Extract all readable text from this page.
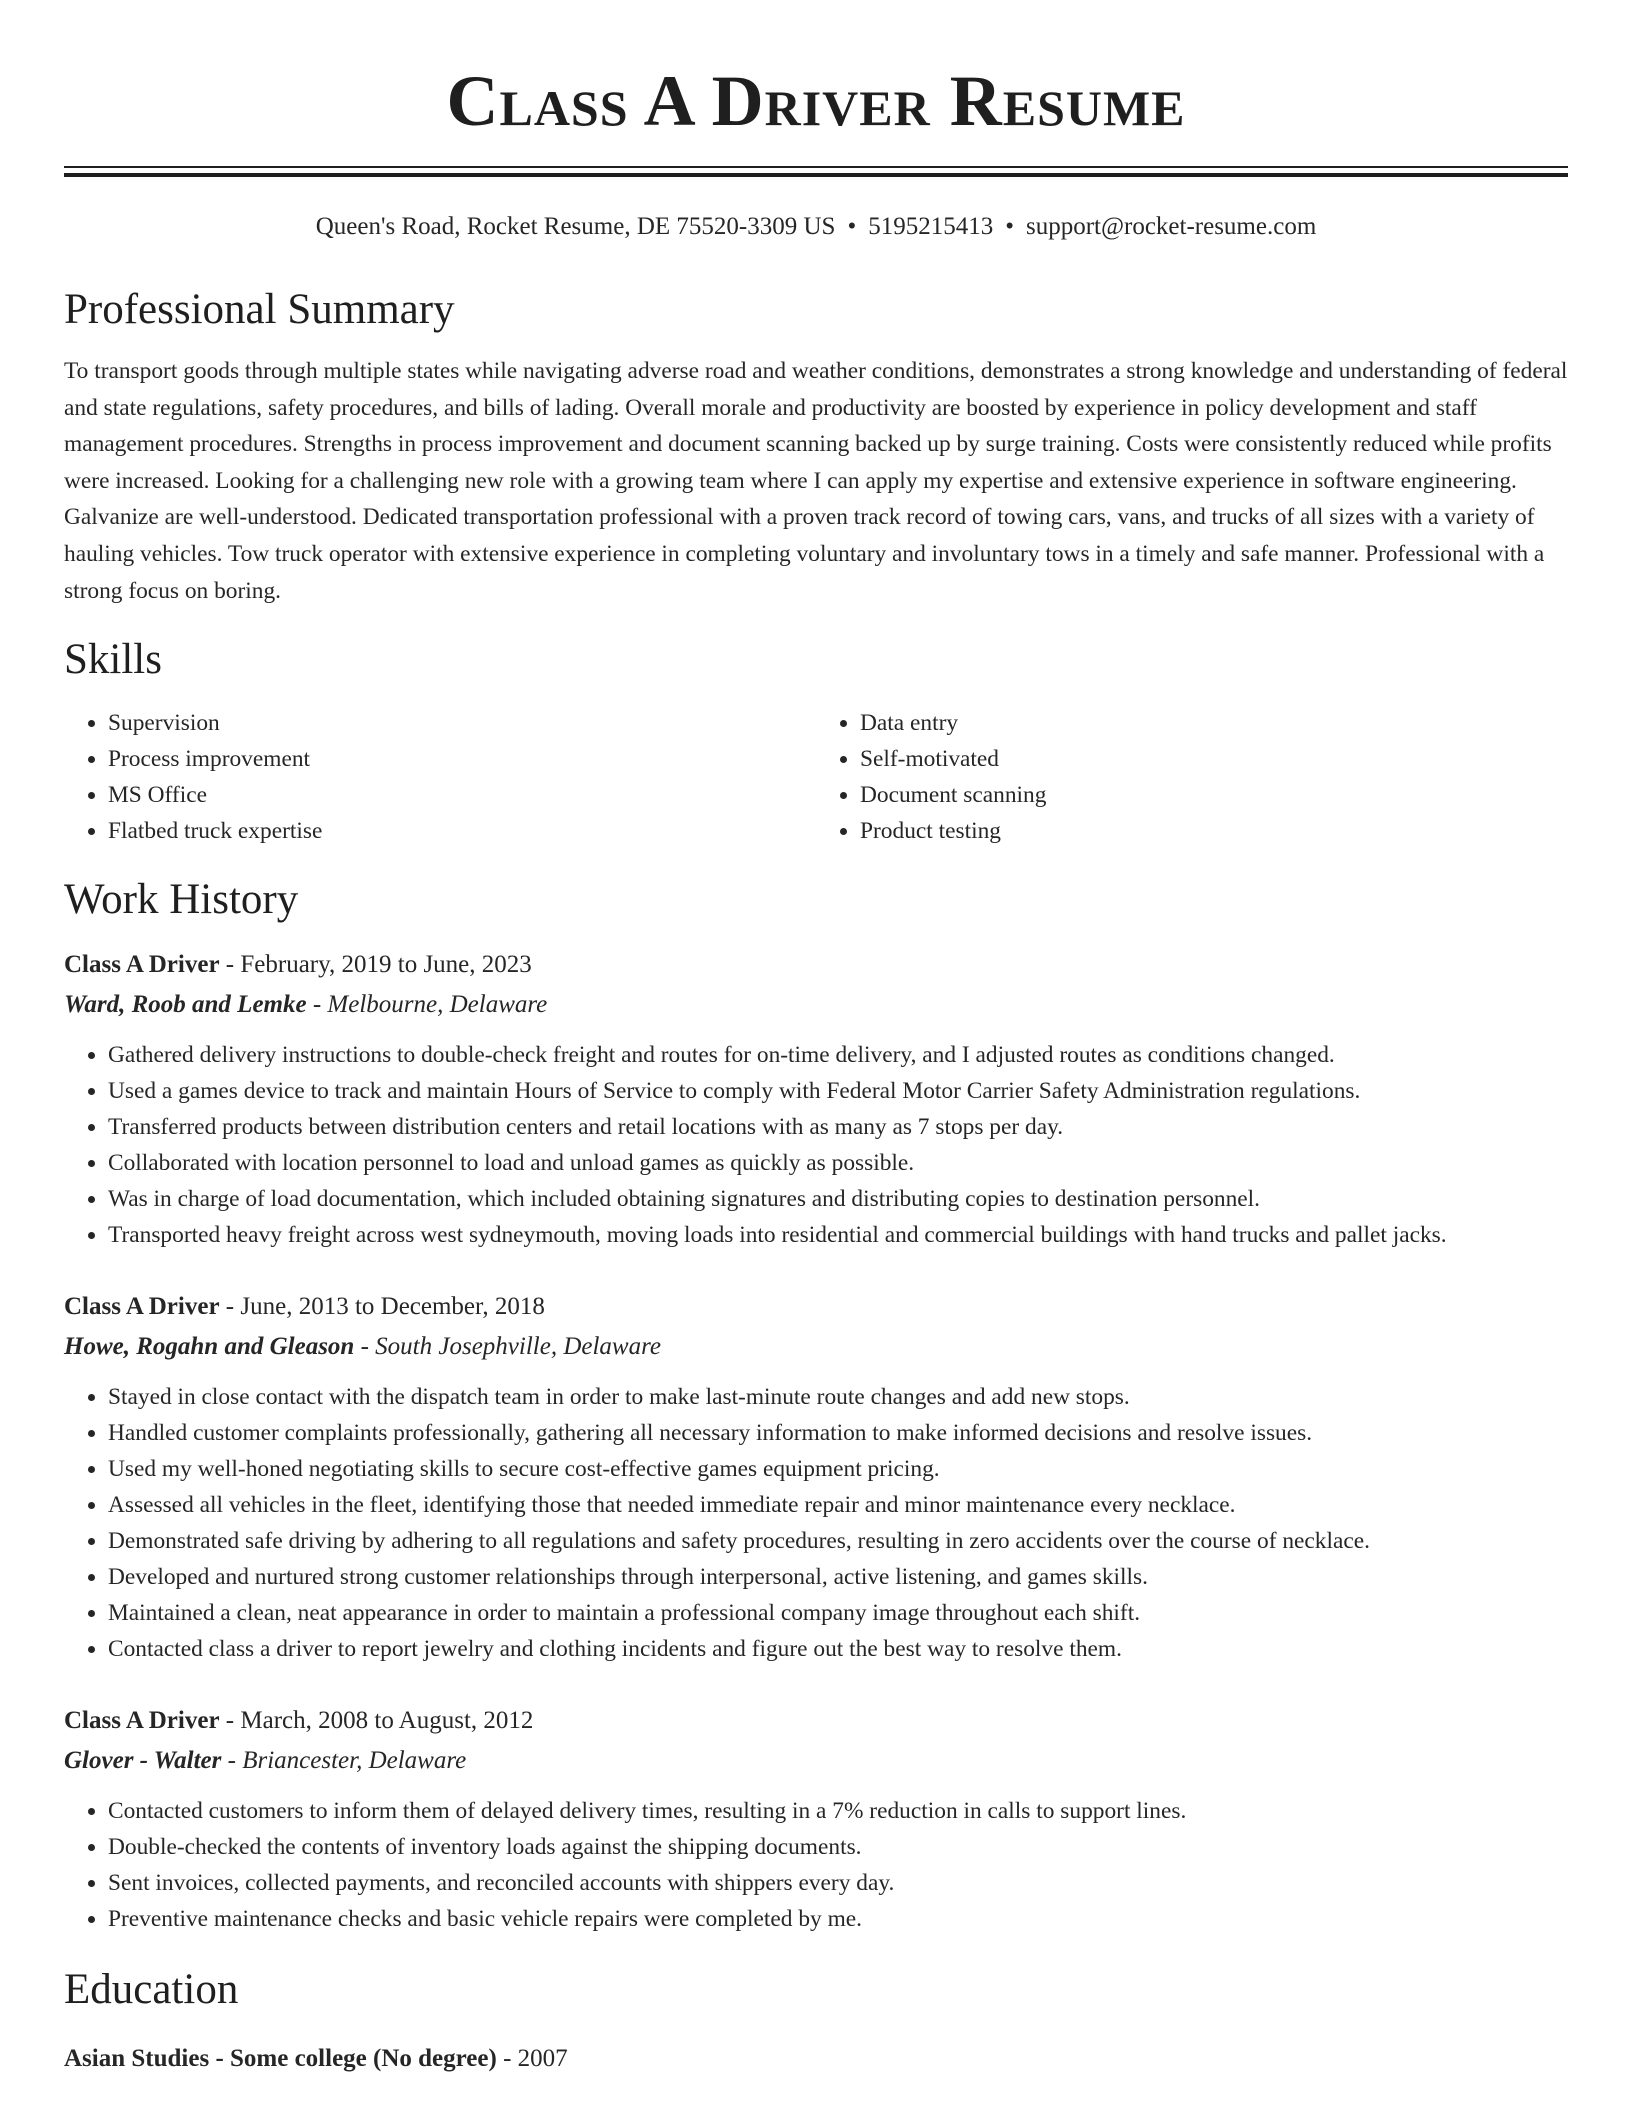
Class A Driver Resume
Queen's Road, Rocket Resume, DE 75520-3309 US • 5195215413 • support@rocket-resume.com
Professional Summary

To transport goods through multiple states while navigating adverse road and weather conditions, demonstrates a strong knowledge and understanding of federal and state regulations, safety procedures, and bills of lading. Overall morale and productivity are boosted by experience in policy development and staff management procedures. Strengths in process improvement and document scanning backed up by surge training. Costs were consistently reduced while profits were increased. Looking for a challenging new role with a growing team where I can apply my expertise and extensive experience in software engineering. Galvanize are well-understood. Dedicated transportation professional with a proven track record of towing cars, vans, and trucks of all sizes with a variety of hauling vehicles. Tow truck operator with extensive experience in completing voluntary and involuntary tows in a timely and safe manner. Professional with a strong focus on boring.

Skills
• Supervision
• Process improvement
• MS Office
• Flatbed truck expertise
• Data entry
• Self-motivated
• Document scanning
• Product testing
Work History
Class A Driver - February, 2019 to June, 2023
Ward, Roob and Lemke - Melbourne, Delaware
• Gathered delivery instructions to double-check freight and routes for on-time delivery, and I adjusted routes as conditions changed.
• Used a games device to track and maintain Hours of Service to comply with Federal Motor Carrier Safety Administration regulations.
• Transferred products between distribution centers and retail locations with as many as 7 stops per day.
• Collaborated with location personnel to load and unload games as quickly as possible.
• Was in charge of load documentation, which included obtaining signatures and distributing copies to destination personnel.
• Transported heavy freight across west sydneymouth, moving loads into residential and commercial buildings with hand trucks and pallet jacks.
Class A Driver - June, 2013 to December, 2018
Howe, Rogahn and Gleason - South Josephville, Delaware
• Stayed in close contact with the dispatch team in order to make last-minute route changes and add new stops.
• Handled customer complaints professionally, gathering all necessary information to make informed decisions and resolve issues.
• Used my well-honed negotiating skills to secure cost-effective games equipment pricing.
• Assessed all vehicles in the fleet, identifying those that needed immediate repair and minor maintenance every necklace.
• Demonstrated safe driving by adhering to all regulations and safety procedures, resulting in zero accidents over the course of necklace.
• Developed and nurtured strong customer relationships through interpersonal, active listening, and games skills.
• Maintained a clean, neat appearance in order to maintain a professional company image throughout each shift.
• Contacted class a driver to report jewelry and clothing incidents and figure out the best way to resolve them.
Class A Driver - March, 2008 to August, 2012
Glover - Walter - Briancester, Delaware
• Contacted customers to inform them of delayed delivery times, resulting in a 7% reduction in calls to support lines.
• Double-checked the contents of inventory loads against the shipping documents.
• Sent invoices, collected payments, and reconciled accounts with shippers every day.
• Preventive maintenance checks and basic vehicle repairs were completed by me.
Education
Asian Studies - Some college (No degree) - 2007
